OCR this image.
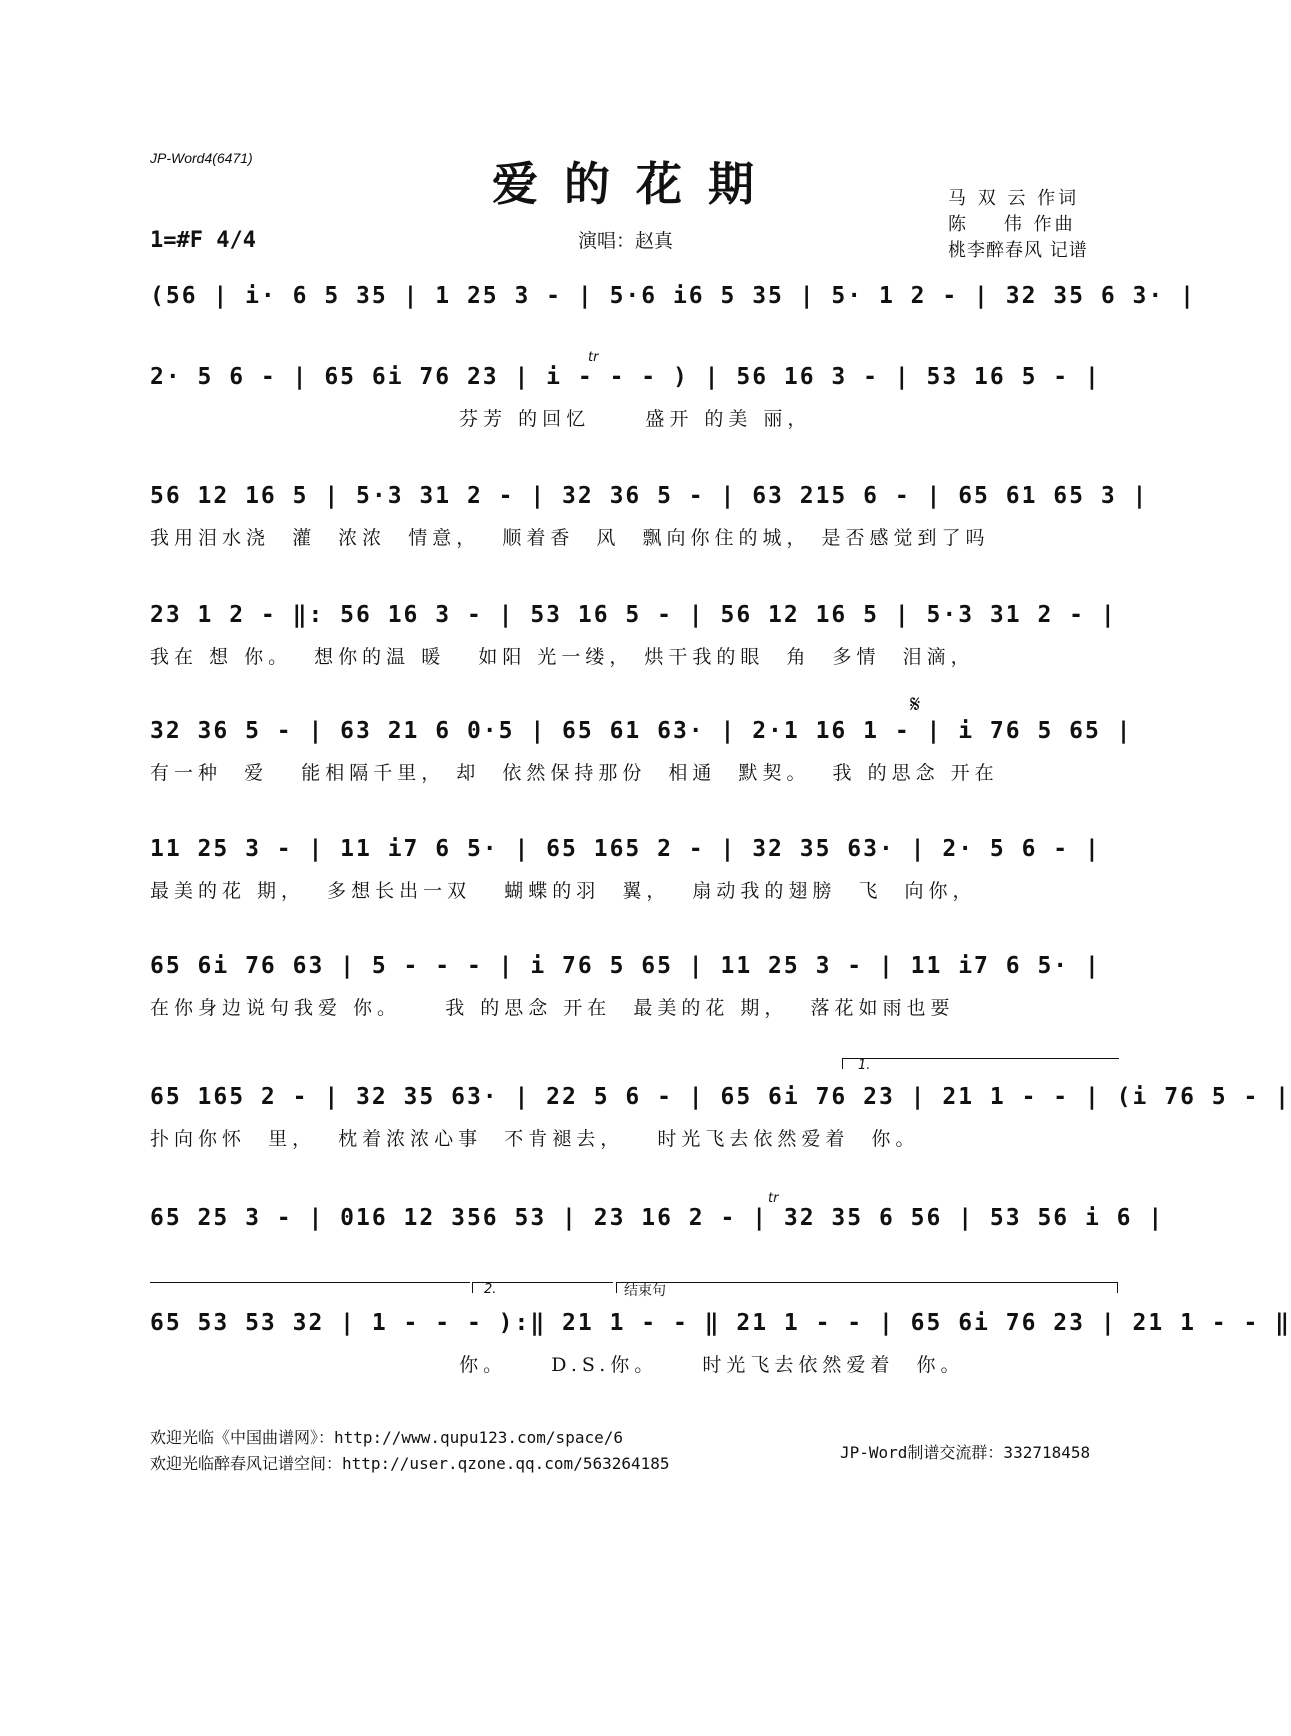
JP-Word4(6471)	爱的花期
1=#F 4/4	演唱：赵真
马 双 云 作词
陈    伟 作曲
桃李醉春风 记谱
(56 | i· 6 5 35 | 1 25 3 - | 5·6 i6 5 35 | 5· 1 2 - | 32 35 6 3· |
2· 5 6 - | 65 6i 76 23 | i - - - ) | 56 16 3 - | 53 16 5 - |
芬芳 的回忆     盛开 的美 丽，
tr
56 12 16 5 | 5·3 31 2 - | 32 36 5 - | 63 215 6 - | 65 61 65 3 |
我用泪水浇  灌  浓浓  情意，  顺着香  风  飘向你住的城， 是否感觉到了吗
23 1 2 - ‖: 56 16 3 - | 53 16 5 - | 56 12 16 5 | 5·3 31 2 - |
我在 想 你。  想你的温 暖   如阳 光一缕， 烘干我的眼  角  多情  泪滴，
32 36 5 - | 63 21 6 0·5 | 65 61 63· | 2·1 16 1 - | i 76 5 65 |
有一种  爱   能相隔千里， 却  依然保持那份  相通  默契。  我 的思念 开在
𝄋
11 25 3 - | 11 i7 6 5· | 65 165 2 - | 32 35 63· | 2· 5 6 - |
最美的花 期，  多想长出一双   蝴蝶的羽  翼，  扇动我的翅膀  飞  向你，
65 6i 76 63 | 5 - - - | i 76 5 65 | 11 25 3 - | 11 i7 6 5· |
在你身边说句我爱 你。    我 的思念 开在  最美的花 期，  落花如雨也要
65 165 2 - | 32 35 63· | 22 5 6 - | 65 6i 76 23 | 21 1 - - | (i 76 5 - |
扑向你怀  里，  枕着浓浓心事  不肯褪去，   时光飞去依然爱着  你。
1.
65 25 3 - | 016 12 356 53 | 23 16 2 - | 32 35 6 56 | 53 56 i 6 |
tr
2.	结束句
65 53 53 32 | 1 - - - ):‖ 21 1 - - ‖ 21 1 - - | 65 6i 76 23 | 21 1 - - ‖
你。    D.S.你。    时光飞去依然爱着  你。
欢迎光临《中国曲谱网》：http://www.qupu123.com/space/6
欢迎光临醉春风记谱空间：http://user.qzone.qq.com/563264185
JP-Word制谱交流群：332718458
